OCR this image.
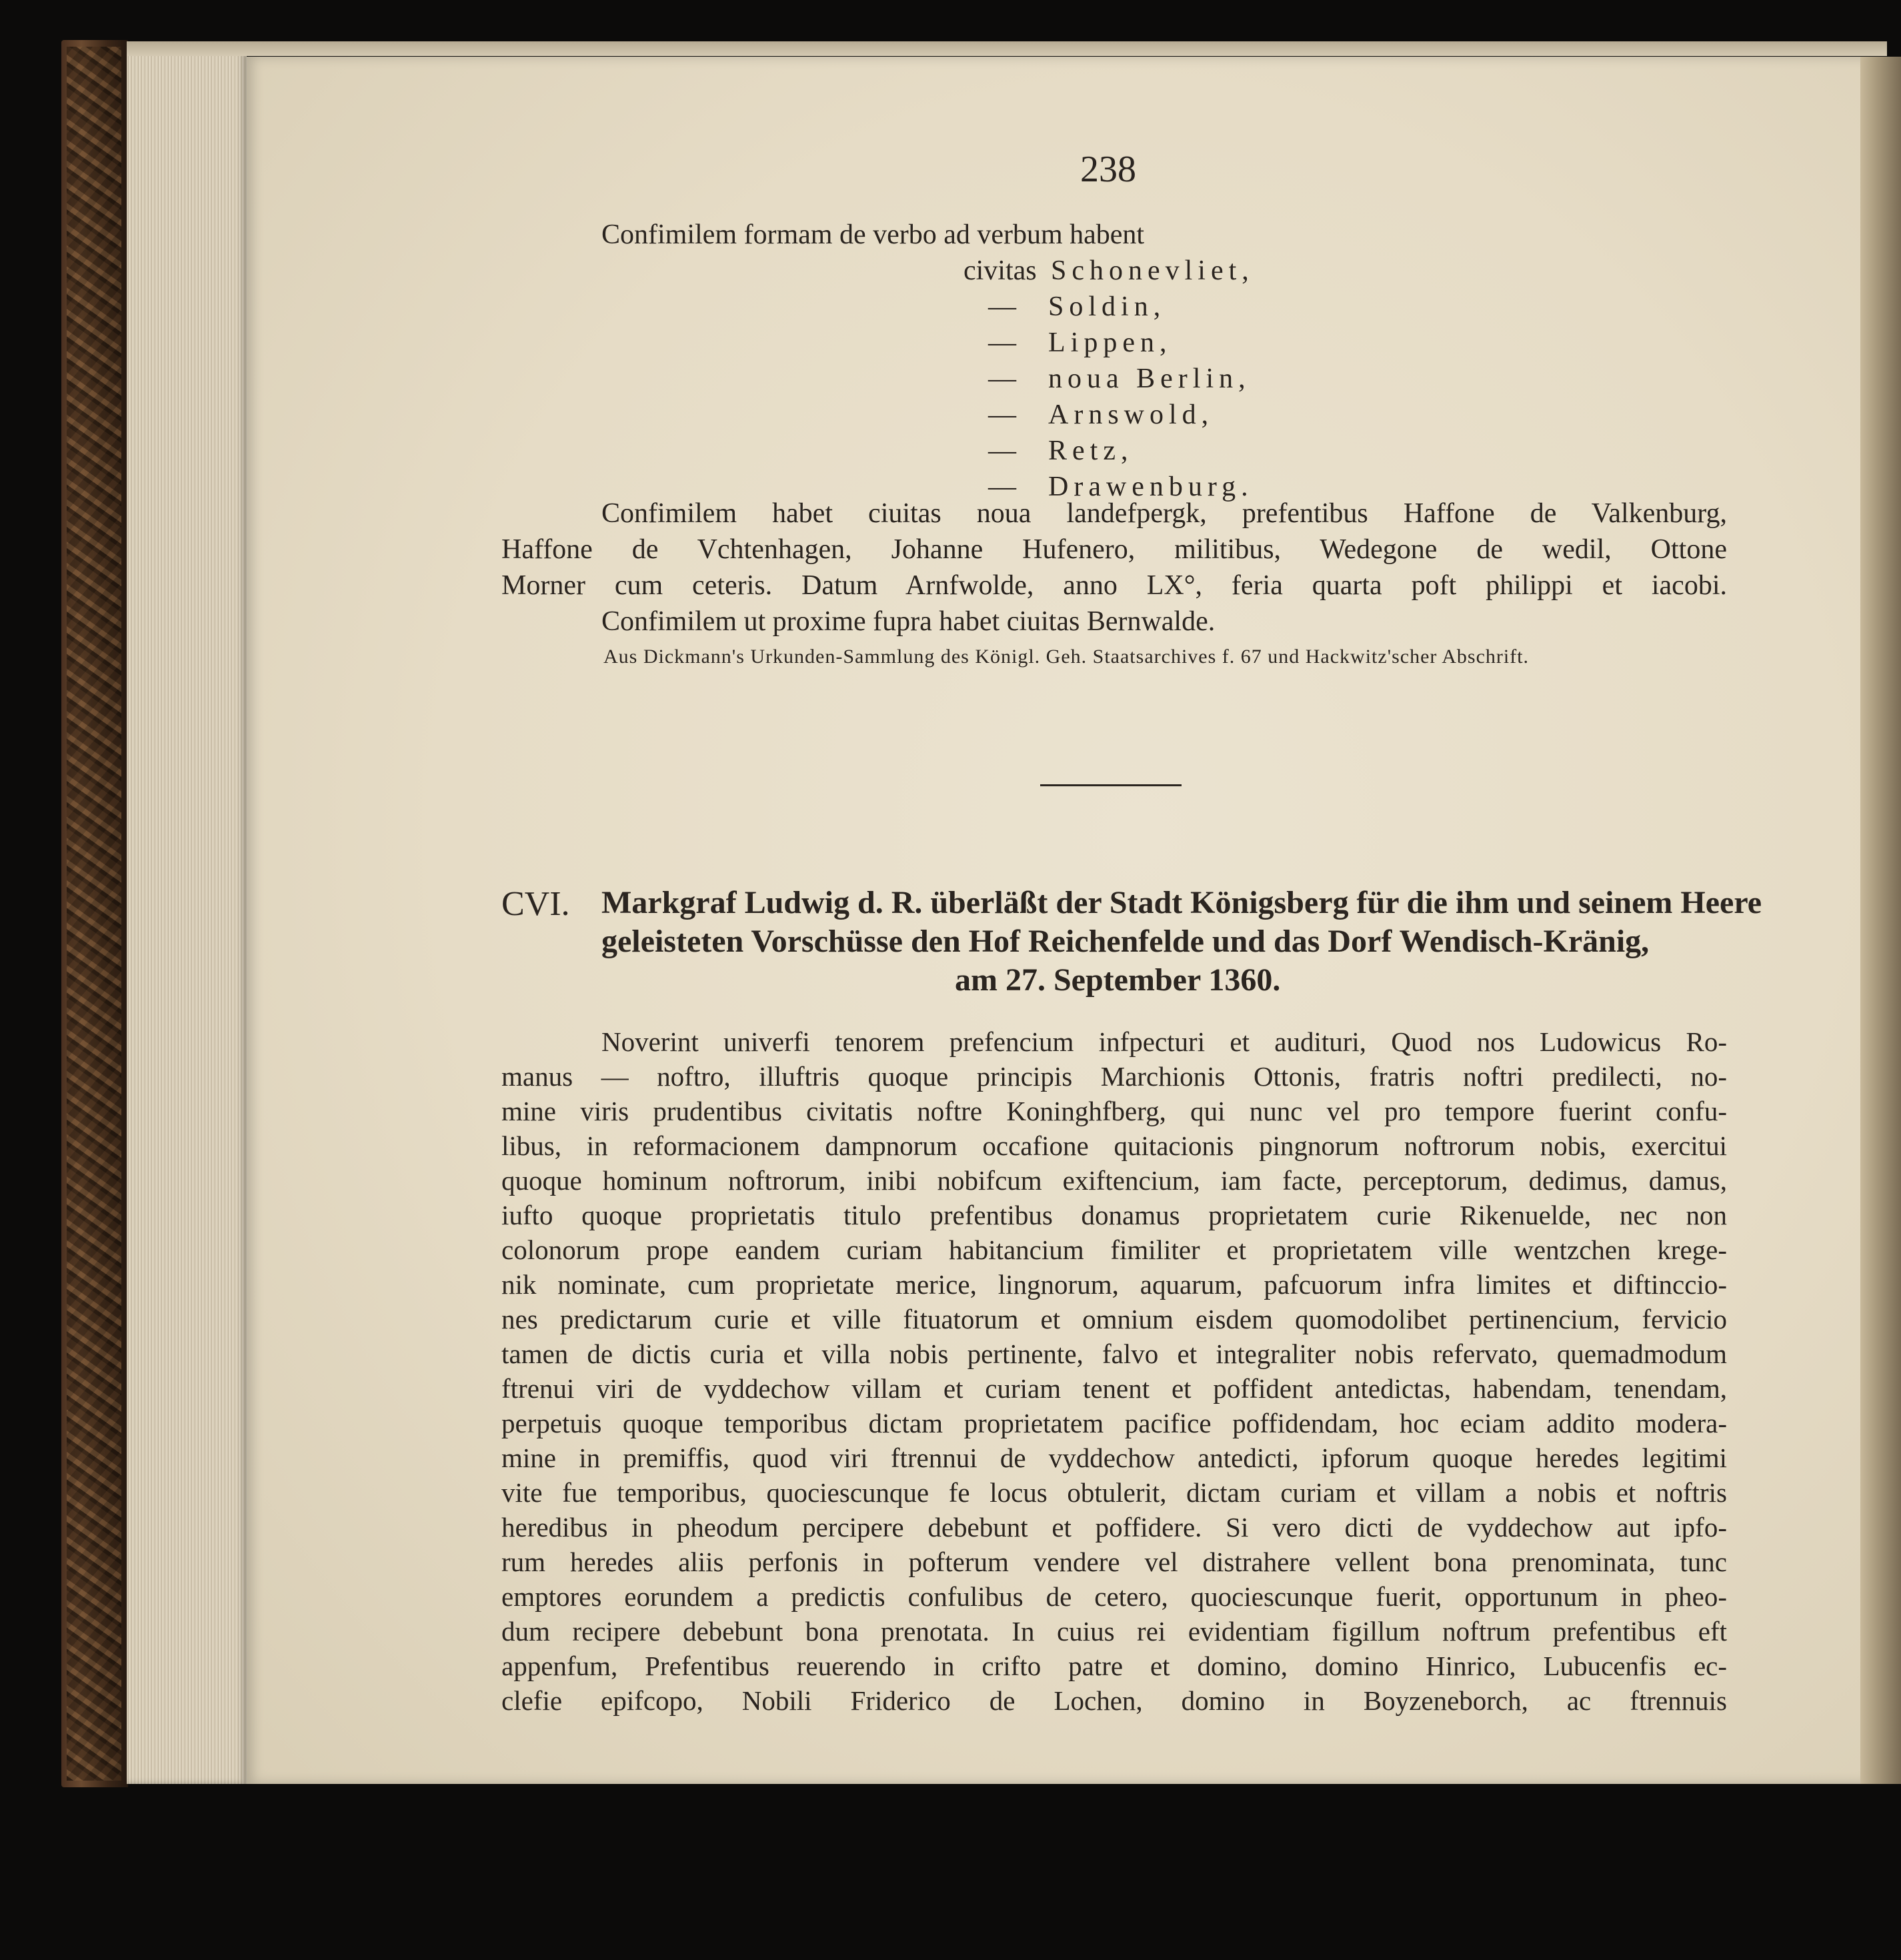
238
Confimilem formam de verbo ad verbum habent
civitas Schonevliet,
— Soldin,
— Lippen,
— noua Berlin,
— Arnswold,
— Retz,
— Drawenburg.
Confimilem habet ciuitas noua landefpergk, prefentibus Haffone de Valkenburg,
Haffone de Vchtenhagen, Johanne Hufenero, militibus, Wedegone de wedil, Ottone
Morner cum ceteris. Datum Arnfwolde, anno LX°, feria quarta poft philippi et iacobi.
Confimilem ut proxime fupra habet ciuitas Bernwalde.
Aus Dickmann's Urkunden-Sammlung des Königl. Geh. Staatsarchives f. 67 und Hackwitz'scher Abschrift.
CVI. Markgraf Ludwig d. R. überläßt der Stadt Königsberg für die ihm und seinem Heere
geleisteten Vorschüsse den Hof Reichenfelde und das Dorf Wendisch-Kränig,
am 27. September 1360.
Noverint univerfi tenorem prefencium infpecturi et audituri, Quod nos Ludowicus Ro-
manus — noftro, illuftris quoque principis Marchionis Ottonis, fratris noftri predilecti, no-
mine viris prudentibus civitatis noftre Koninghfberg, qui nunc vel pro tempore fuerint confu-
libus, in reformacionem dampnorum occafione quitacionis pingnorum noftrorum nobis, exercitui
quoque hominum noftrorum, inibi nobifcum exiftencium, iam facte, perceptorum, dedimus, damus,
iufto quoque proprietatis titulo prefentibus donamus proprietatem curie Rikenuelde, nec non
colonorum prope eandem curiam habitancium fimiliter et proprietatem ville wentzchen krege-
nik nominate, cum proprietate merice, lingnorum, aquarum, pafcuorum infra limites et diftinccio-
nes predictarum curie et ville fituatorum et omnium eisdem quomodolibet pertinencium, fervicio
tamen de dictis curia et villa nobis pertinente, falvo et integraliter nobis refervato, quemadmodum
ftrenui viri de vyddechow villam et curiam tenent et poffident antedictas, habendam, tenendam,
perpetuis quoque temporibus dictam proprietatem pacifice poffidendam, hoc eciam addito modera-
mine in premiffis, quod viri ftrennui de vyddechow antedicti, ipforum quoque heredes legitimi
vite fue temporibus, quociescunque fe locus obtulerit, dictam curiam et villam a nobis et noftris
heredibus in pheodum percipere debebunt et poffidere. Si vero dicti de vyddechow aut ipfo-
rum heredes aliis perfonis in pofterum vendere vel distrahere vellent bona prenominata, tunc
emptores eorundem a predictis confulibus de cetero, quociescunque fuerit, opportunum in pheo-
dum recipere debebunt bona prenotata. In cuius rei evidentiam figillum noftrum prefentibus eft
appenfum, Prefentibus reuerendo in crifto patre et domino, domino Hinrico, Lubucenfis ec-
clefie epifcopo, Nobili Friderico de Lochen, domino in Boyzeneborch, ac ftrennuis
